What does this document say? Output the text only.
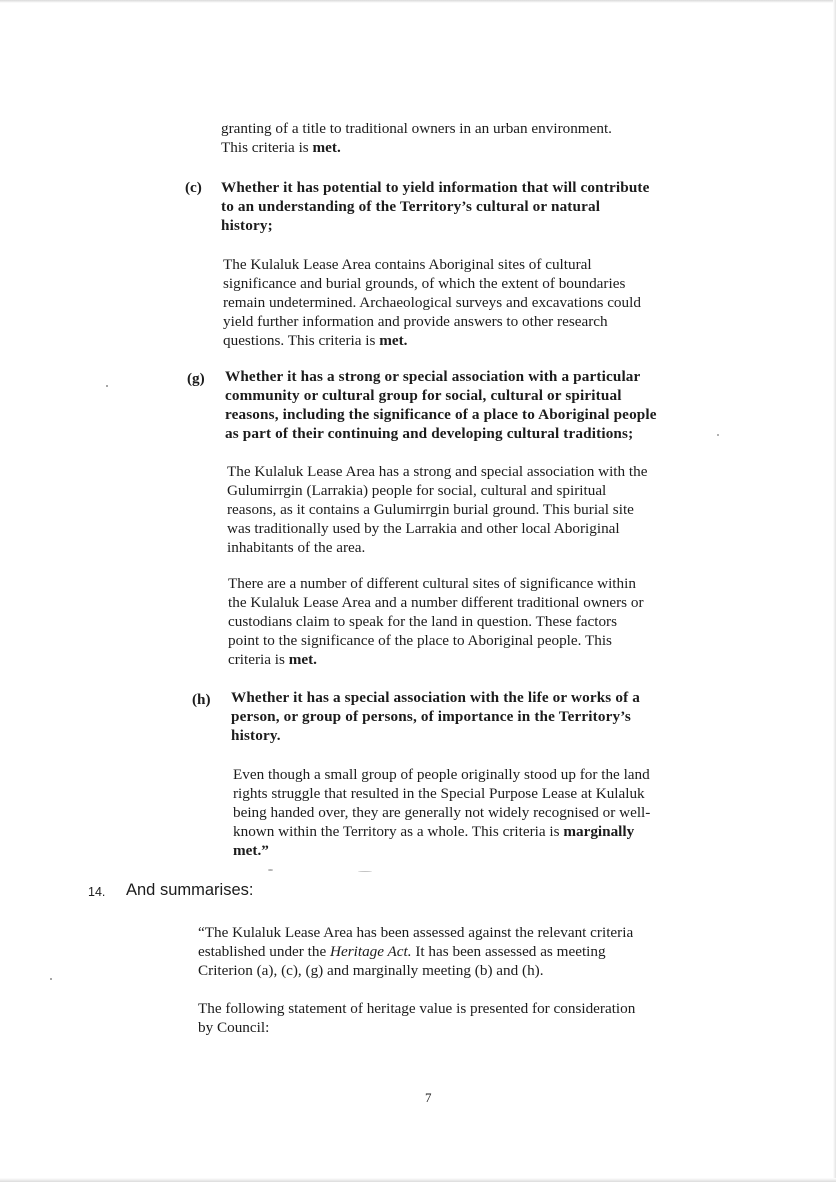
granting of a title to traditional owners in an urban environment.
This criteria is met.
(c) Whether it has potential to yield information that will contribute
to an understanding of the Territory’s cultural or natural
history;
The Kulaluk Lease Area contains Aboriginal sites of cultural
significance and burial grounds, of which the extent of boundaries
remain undetermined. Archaeological surveys and excavations could
yield further information and provide answers to other research
questions. This criteria is met.
(g) Whether it has a strong or special association with a particular
community or cultural group for social, cultural or spiritual
reasons, including the significance of a place to Aboriginal people
as part of their continuing and developing cultural traditions;
The Kulaluk Lease Area has a strong and special association with the
Gulumirrgin (Larrakia) people for social, cultural and spiritual
reasons, as it contains a Gulumirrgin burial ground. This burial site
was traditionally used by the Larrakia and other local Aboriginal
inhabitants of the area.
There are a number of different cultural sites of significance within
the Kulaluk Lease Area and a number different traditional owners or
custodians claim to speak for the land in question. These factors
point to the significance of the place to Aboriginal people. This
criteria is met.
(h) Whether it has a special association with the life or works of a
person, or group of persons, of importance in the Territory’s
history.
Even though a small group of people originally stood up for the land
rights struggle that resulted in the Special Purpose Lease at Kulaluk
being handed over, they are generally not widely recognised or well-
known within the Territory as a whole. This criteria is marginally
met.”
14. And summarises:
“The Kulaluk Lease Area has been assessed against the relevant criteria
established under the Heritage Act. It has been assessed as meeting
Criterion (a), (c), (g) and marginally meeting (b) and (h).
The following statement of heritage value is presented for consideration
by Council:
7
